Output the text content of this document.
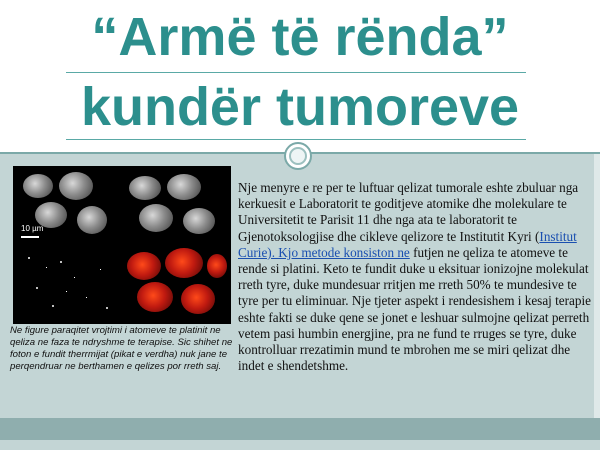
“Armë të rënda”
kundër tumoreve
10 µm

Ne figure paraqitet vrojtimi i atomeve te platinit ne qeliza ne faza te ndryshme te terapise. Sic shihet ne foton e fundit therrmijat (pikat e verdha) nuk jane te perqendruar ne berthamen e qelizes por rreth saj.

Nje menyre e re per te luftuar qelizat tumorale eshte zbuluar nga kerkuesit e Laboratorit te goditjeve atomike dhe molekulare te Universitetit te Parisit 11 dhe nga ata te laboratorit te Gjenotoksologjise dhe cikleve qelizore te Institutit Kyri (Institut Curie). Kjo metode konsiston ne futjen ne qeliza te atomeve te rende si platini. Keto te fundit duke u eksituar ionizojne molekulat rreth tyre, duke mundesuar rritjen me rreth 50% te mundesive te tyre per tu eliminuar. Nje tjeter aspekt i rendesishem i kesaj terapie eshte fakti se duke qene se jonet e leshuar sulmojne qelizat perreth vetem pasi humbin energjine, pra ne fund te rruges se tyre, duke kontrolluar rrezatimin mund te mbrohen me se miri qelizat dhe indet e shendetshme.
